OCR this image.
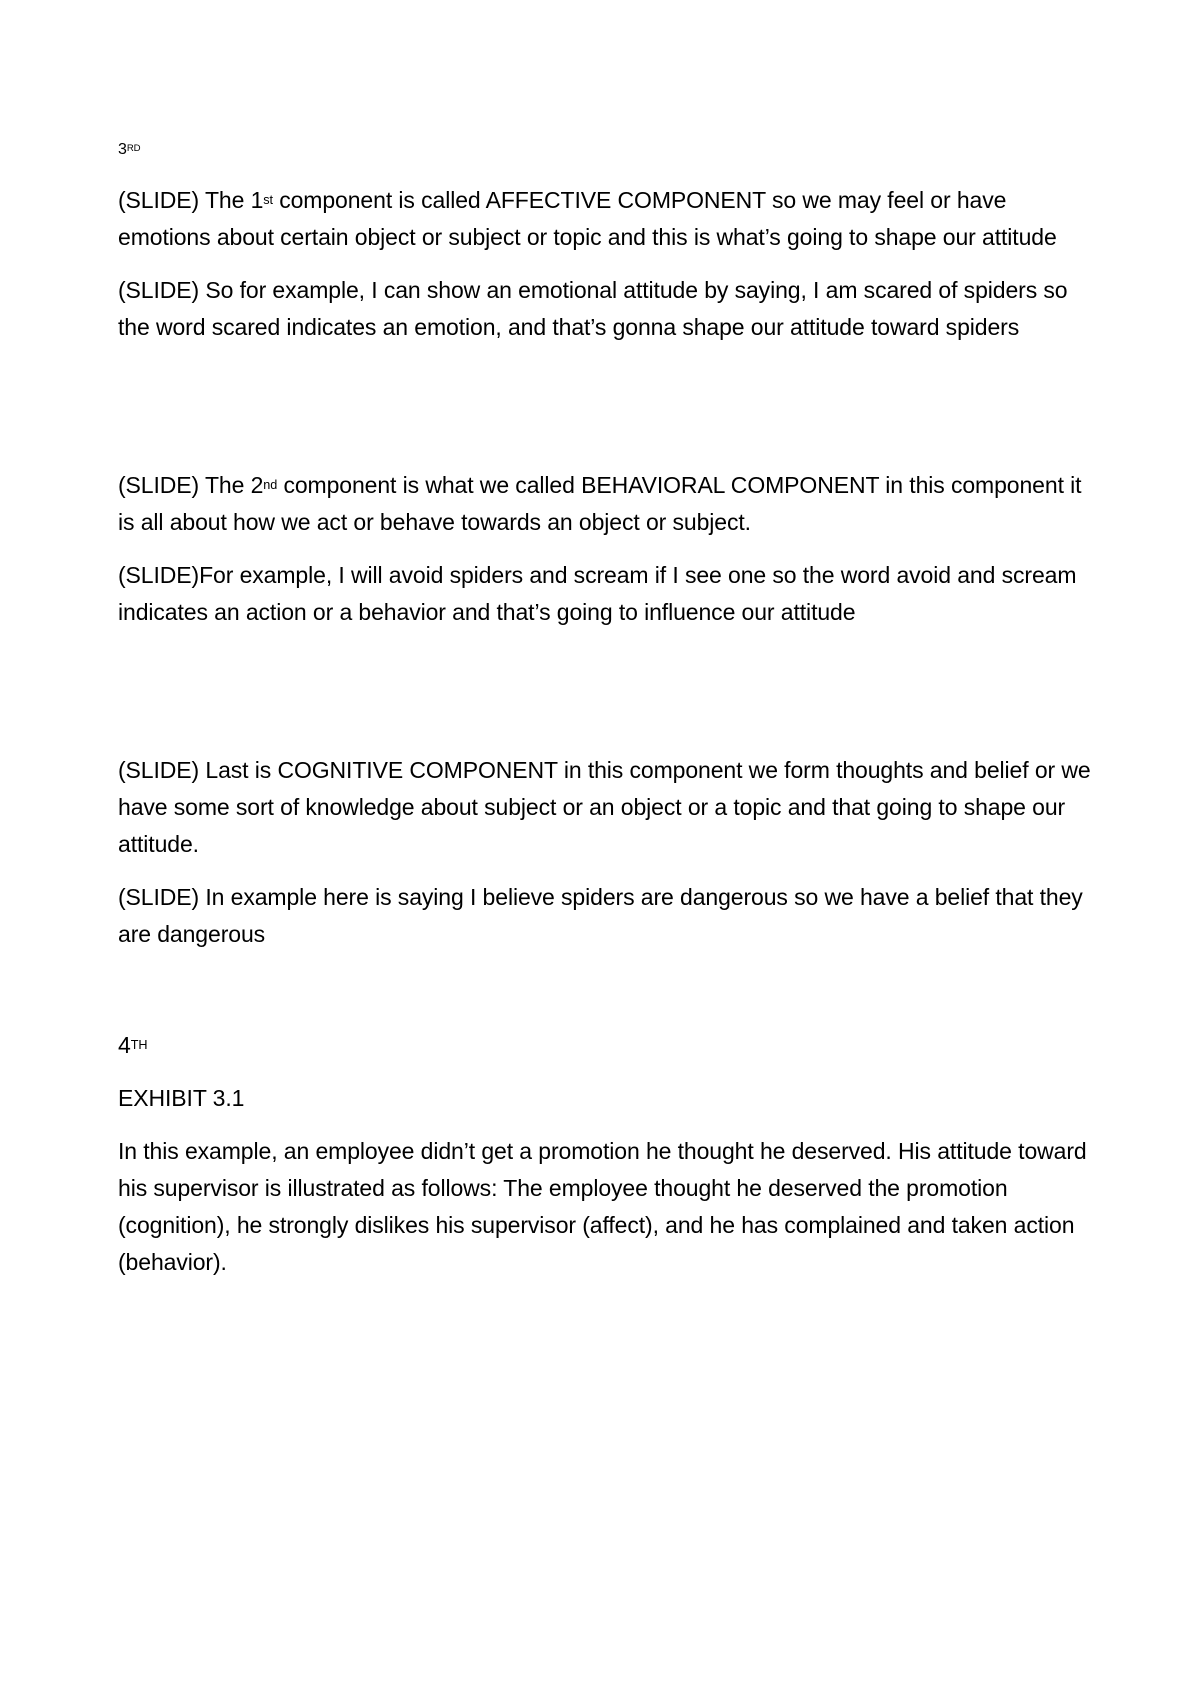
3RD

(SLIDE) The 1st component is called AFFECTIVE COMPONENT so we may feel or have emotions about certain object or subject or topic and this is what’s going to shape our attitude

(SLIDE) So for example, I can show an emotional attitude by saying, I am scared of spiders so the word scared indicates an emotion, and that’s gonna shape our attitude toward spiders

(SLIDE) The 2nd component is what we called BEHAVIORAL COMPONENT in this component it is all about how we act or behave towards an object or subject.

(SLIDE)For example, I will avoid spiders and scream if I see one so the word avoid and scream indicates an action or a behavior and that’s going to influence our attitude

(SLIDE) Last is COGNITIVE COMPONENT in this component we form thoughts and belief or we have some sort of knowledge about subject or an object or a topic and that going to shape our attitude.

(SLIDE) In example here is saying I believe spiders are dangerous so we have a belief that they are dangerous

4TH
EXHIBIT 3.1

In this example, an employee didn’t get a promotion he thought he deserved. His attitude toward his supervisor is illustrated as follows: The employee thought he deserved the promotion (cognition), he strongly dislikes his supervisor (affect), and he has complained and taken action (behavior).
